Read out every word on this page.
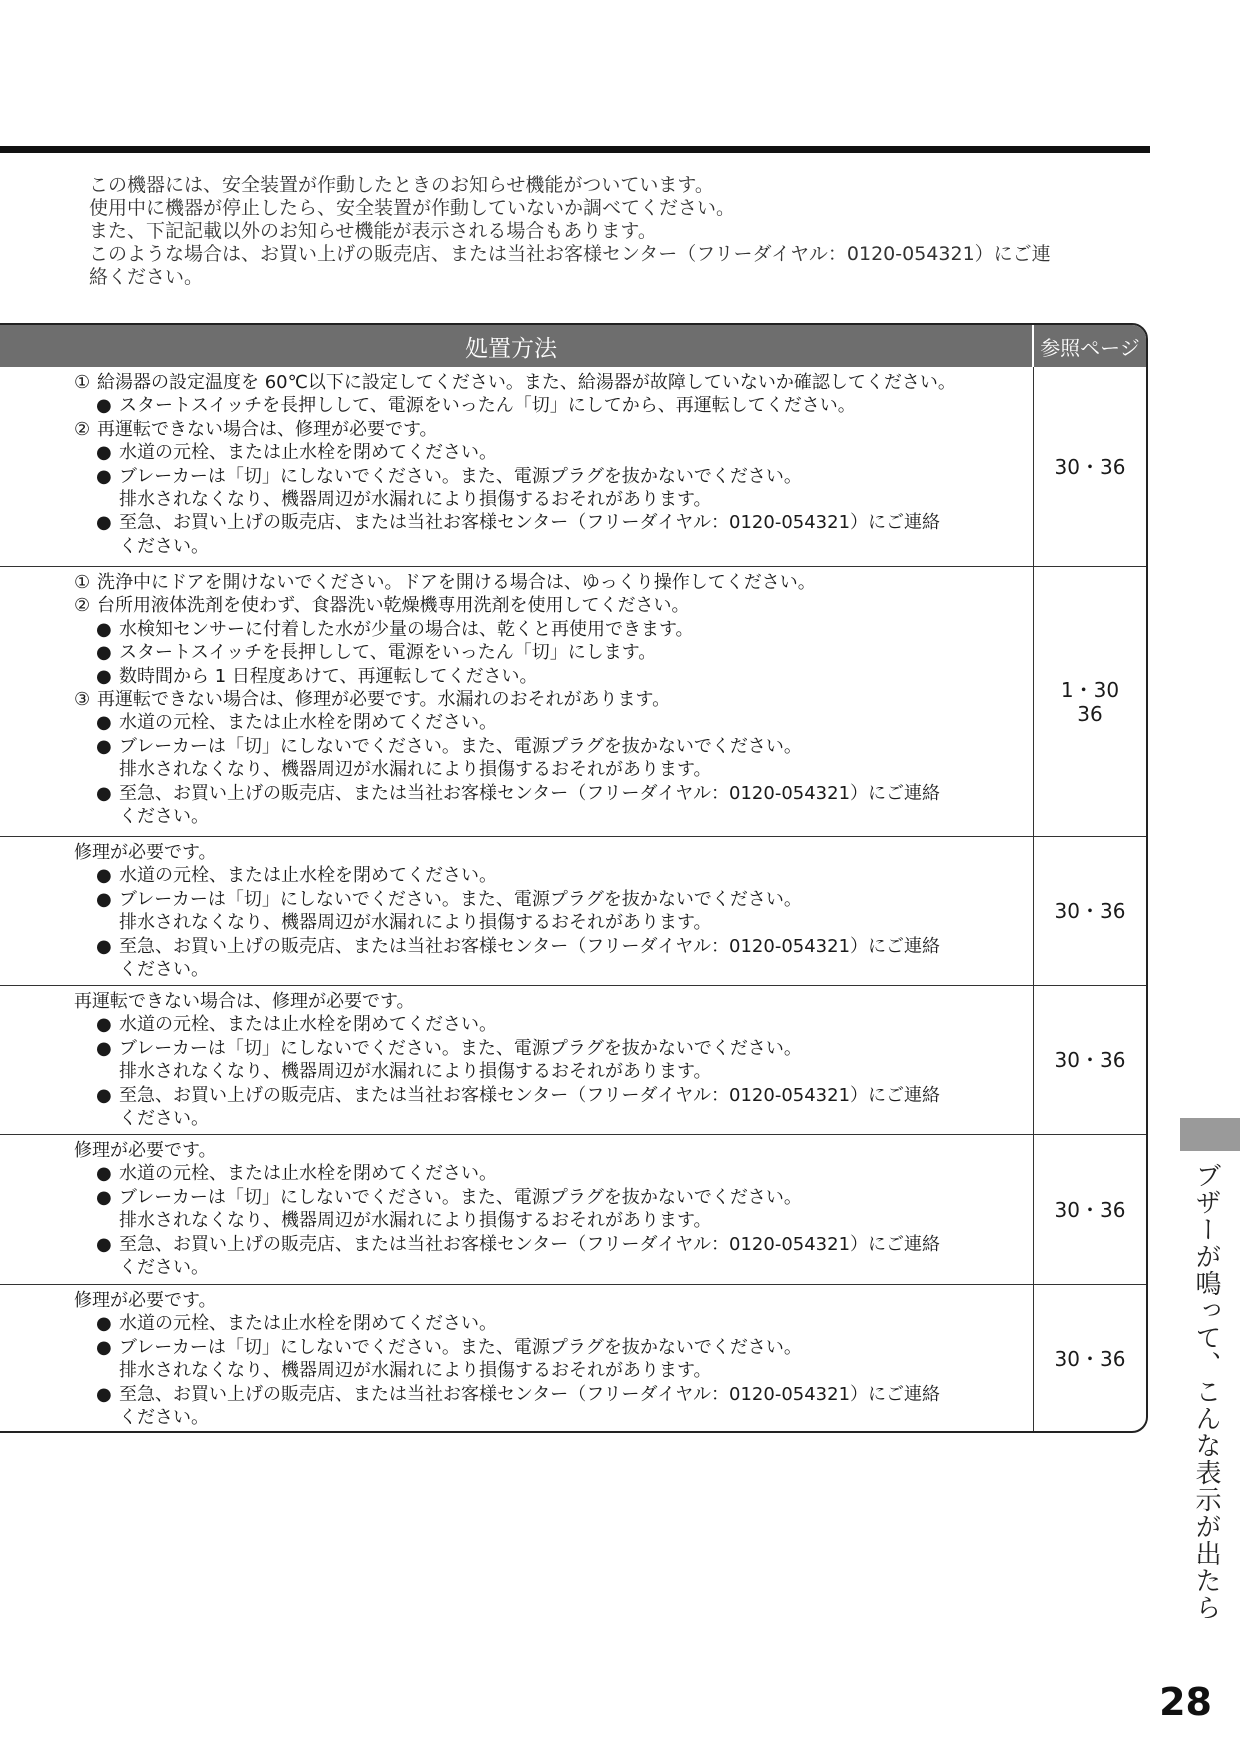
この機器には、安全装置が作動したときのお知らせ機能がついています。

使用中に機器が停止したら、安全装置が作動していないか調べてください。

また、下記記載以外のお知らせ機能が表示される場合もあります。

このような場合は、お買い上げの販売店、または当社お客様センター（フリーダイヤル：0120-054321）にご連

絡ください。

処置方法	参照ページ
① 給湯器の設定温度を 60℃以下に設定してください。また、給湯器が故障していないか確認してください。
● スタートスイッチを長押しして、電源をいったん「切」にしてから、再運転してください。
② 再運転できない場合は、修理が必要です。
● 水道の元栓、または止水栓を閉めてください。
● ブレーカーは「切」にしないでください。また、電源プラグを抜かないでください。
排水されなくなり、機器周辺が水漏れにより損傷するおそれがあります。
● 至急、お買い上げの販売店、または当社お客様センター（フリーダイヤル：0120-054321）にご連絡
ください。
30・36
① 洗浄中にドアを開けないでください。ドアを開ける場合は、ゆっくり操作してください。
② 台所用液体洗剤を使わず、食器洗い乾燥機専用洗剤を使用してください。
● 水検知センサーに付着した水が少量の場合は、乾くと再使用できます。
● スタートスイッチを長押しして、電源をいったん「切」にします。
● 数時間から 1 日程度あけて、再運転してください。
③ 再運転できない場合は、修理が必要です。水漏れのおそれがあります。
● 水道の元栓、または止水栓を閉めてください。
● ブレーカーは「切」にしないでください。また、電源プラグを抜かないでください。
排水されなくなり、機器周辺が水漏れにより損傷するおそれがあります。
● 至急、お買い上げの販売店、または当社お客様センター（フリーダイヤル：0120-054321）にご連絡
ください。
1・30
36
修理が必要です。
● 水道の元栓、または止水栓を閉めてください。
● ブレーカーは「切」にしないでください。また、電源プラグを抜かないでください。
排水されなくなり、機器周辺が水漏れにより損傷するおそれがあります。
● 至急、お買い上げの販売店、または当社お客様センター（フリーダイヤル：0120-054321）にご連絡
ください。
30・36
再運転できない場合は、修理が必要です。
● 水道の元栓、または止水栓を閉めてください。
● ブレーカーは「切」にしないでください。また、電源プラグを抜かないでください。
排水されなくなり、機器周辺が水漏れにより損傷するおそれがあります。
● 至急、お買い上げの販売店、または当社お客様センター（フリーダイヤル：0120-054321）にご連絡
ください。
30・36
修理が必要です。
● 水道の元栓、または止水栓を閉めてください。
● ブレーカーは「切」にしないでください。また、電源プラグを抜かないでください。
排水されなくなり、機器周辺が水漏れにより損傷するおそれがあります。
● 至急、お買い上げの販売店、または当社お客様センター（フリーダイヤル：0120-054321）にご連絡
ください。
30・36
修理が必要です。
● 水道の元栓、または止水栓を閉めてください。
● ブレーカーは「切」にしないでください。また、電源プラグを抜かないでください。
排水されなくなり、機器周辺が水漏れにより損傷するおそれがあります。
● 至急、お買い上げの販売店、または当社お客様センター（フリーダイヤル：0120-054321）にご連絡
ください。
30・36	ブザーが鳴って、こんな表示が出たら
28
